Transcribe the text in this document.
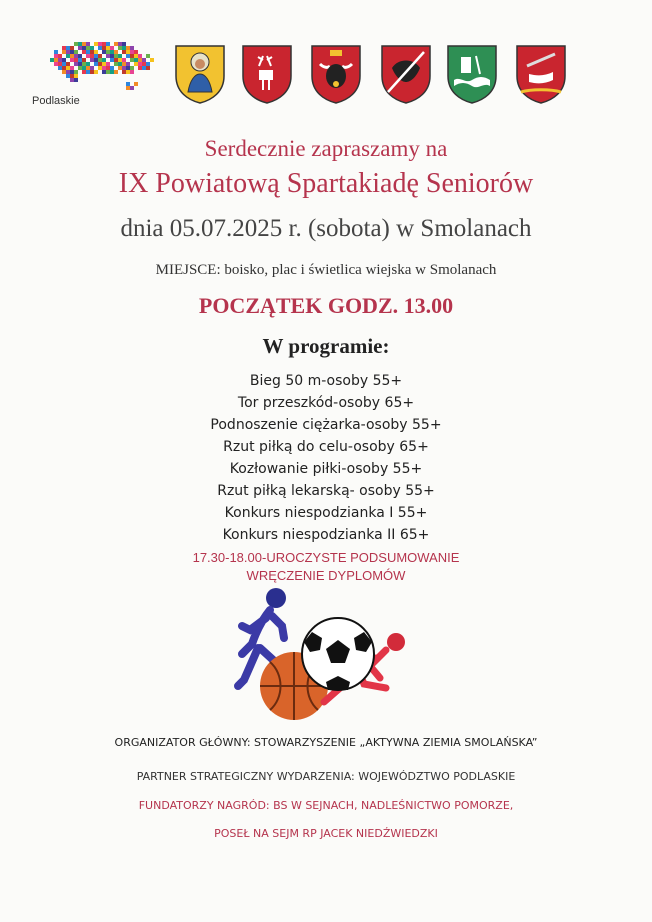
Podlaskie
Serdecznie zapraszamy na
IX Powiatową Spartakiadę Seniorów
dnia 05.07.2025 r. (sobota) w Smolanach
MIEJSCE: boisko, plac i świetlica wiejska w Smolanach
POCZĄTEK GODZ. 13.00
W programie:
Bieg 50 m-osoby 55+
Tor przeszkód-osoby 65+
Podnoszenie ciężarka-osoby 55+
Rzut piłką do celu-osoby 65+
Kozłowanie piłki-osoby 55+
Rzut piłką lekarską- osoby 55+
Konkurs niespodzianka I 55+
Konkurs niespodzianka II 65+
17.30-18.00-UROCZYSTE PODSUMOWANIE
WRĘCZENIE DYPLOMÓW
ORGANIZATOR GŁÓWNY: STOWARZYSZENIE „AKTYWNA ZIEMIA SMOLAŃSKA”
PARTNER STRATEGICZNY WYDARZENIA: WOJEWÓDZTWO PODLASKIE
FUNDATORZY NAGRÓD: BS W SEJNACH, NADLEŚNICTWO POMORZE,
POSEŁ NA SEJM RP JACEK NIEDŹWIEDZKI
